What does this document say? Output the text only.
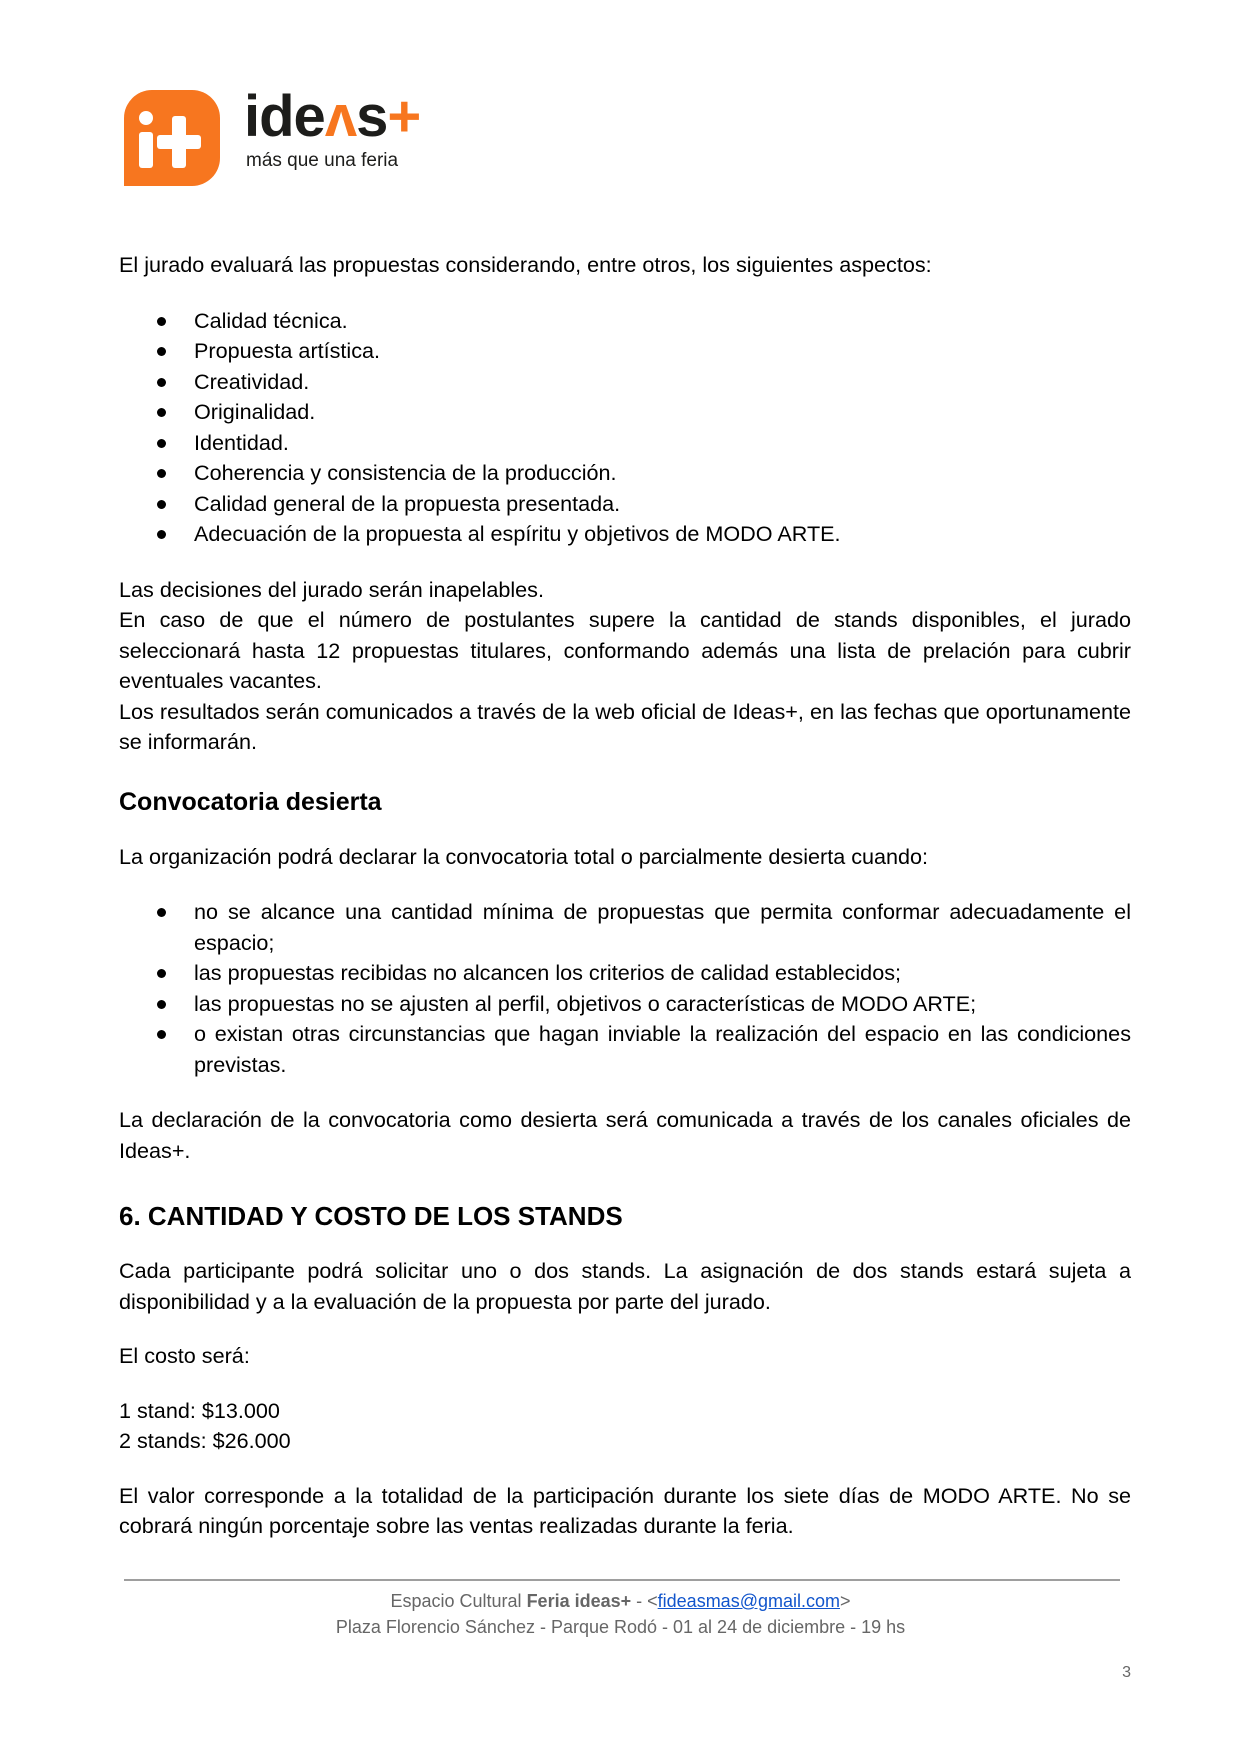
ideʌs+
más que una feria

El jurado evaluará las propuestas considerando, entre otros, los siguientes aspectos:

Calidad técnica.
Propuesta artística.
Creatividad.
Originalidad.
Identidad.
Coherencia y consistencia de la producción.
Calidad general de la propuesta presentada.
Adecuación de la propuesta al espíritu y objetivos de MODO ARTE.

Las decisiones del jurado serán inapelables.

En caso de que el número de postulantes supere la cantidad de stands disponibles, el jurado seleccionará hasta 12 propuestas titulares, conformando además una lista de prelación para cubrir eventuales vacantes.

Los resultados serán comunicados a través de la web oficial de Ideas+, en las fechas que oportunamente se informarán.

Convocatoria desierta

La organización podrá declarar la convocatoria total o parcialmente desierta cuando:

no se alcance una cantidad mínima de propuestas que permita conformar adecuadamente el espacio;
las propuestas recibidas no alcancen los criterios de calidad establecidos;
las propuestas no se ajusten al perfil, objetivos o características de MODO ARTE;
o existan otras circunstancias que hagan inviable la realización del espacio en las condiciones previstas.

La declaración de la convocatoria como desierta será comunicada a través de los canales oficiales de Ideas+.

6. CANTIDAD Y COSTO DE LOS STANDS

Cada participante podrá solicitar uno o dos stands. La asignación de dos stands estará sujeta a disponibilidad y a la evaluación de la propuesta por parte del jurado.

El costo será:

1 stand: $13.000

2 stands: $26.000

El valor corresponde a la totalidad de la participación durante los siete días de MODO ARTE. No se cobrará ningún porcentaje sobre las ventas realizadas durante la feria.

Espacio Cultural Feria ideas+ - <fideasmas@gmail.com>
Plaza Florencio Sánchez - Parque Rodó - 01 al 24 de diciembre - 19 hs
3
